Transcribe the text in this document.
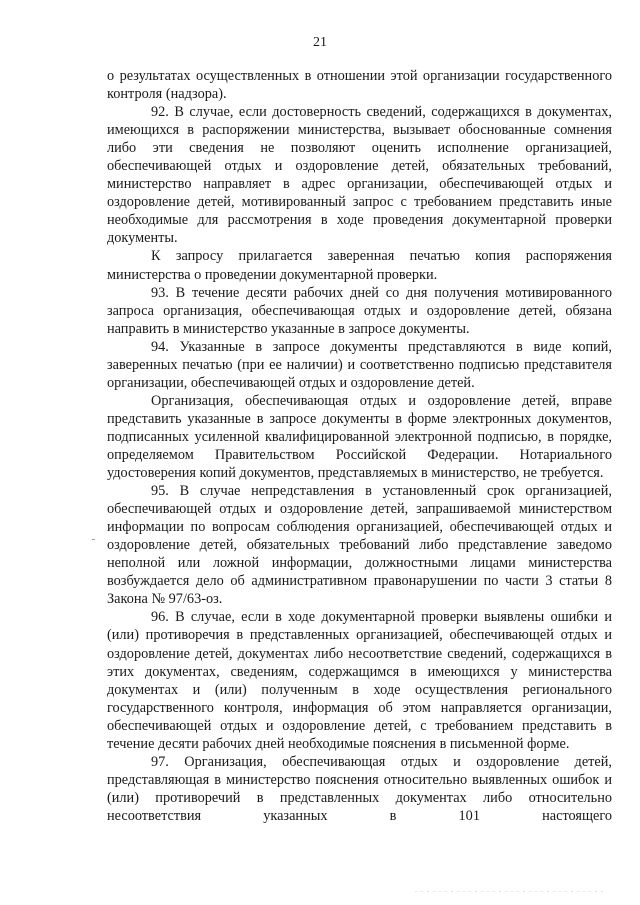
21

о результатах осуществленных в отношении этой организации государственного контроля (надзора).

92. В случае, если достоверность сведений, содержащихся в документах, имеющихся в распоряжении министерства, вызывает обоснованные сомнения либо эти сведения не позволяют оценить исполнение организацией, обеспечивающей отдых и оздоровление детей, обязательных требований, министерство направляет в адрес организации, обеспечивающей отдых и оздоровление детей, мотивированный запрос с требованием представить иные необходимые для рассмотрения в ходе проведения документарной проверки документы.

К запросу прилагается заверенная печатью копия распоряжения министерства о проведении документарной проверки.

93. В течение десяти рабочих дней со дня получения мотивированного запроса организация, обеспечивающая отдых и оздоровление детей, обязана направить в министерство указанные в запросе документы.

94. Указанные в запросе документы представляются в виде копий, заверенных печатью (при ее наличии) и соответственно подписью представителя организации, обеспечивающей отдых и оздоровление детей.

Организация, обеспечивающая отдых и оздоровление детей, вправе представить указанные в запросе документы в форме электронных документов, подписанных усиленной квалифицированной электронной подписью, в порядке, определяемом Правительством Российской Федерации. Нотариального удостоверения копий документов, представляемых в министерство, не требуется.

95. В случае непредставления в установленный срок организацией, обеспечивающей отдых и оздоровление детей, запрашиваемой министерством информации по вопросам соблюдения организацией, обеспечивающей отдых и оздоровление детей, обязательных требований либо представление заведомо неполной или ложной информации, должностными лицами министерства возбуждается дело об административном правонарушении по части 3 статьи 8 Закона № 97/63-оз.

96. В случае, если в ходе документарной проверки выявлены ошибки и (или) противоречия в представленных организацией, обеспечивающей отдых и оздоровление детей, документах либо несоответствие сведений, содержащихся в этих документах, сведениям, содержащимся в имеющихся у министерства документах и (или) полученным в ходе осуществления регионального государственного контроля, информация об этом направляется организации, обеспечивающей отдых и оздоровление детей, с требованием представить в течение десяти рабочих дней необходимые пояснения в письменной форме.

97. Организация, обеспечивающая отдых и оздоровление детей, представляющая в министерство пояснения относительно выявленных ошибок и (или) противоречий в представленных документах либо относительно несоответствия указанных в 101 настоящего
